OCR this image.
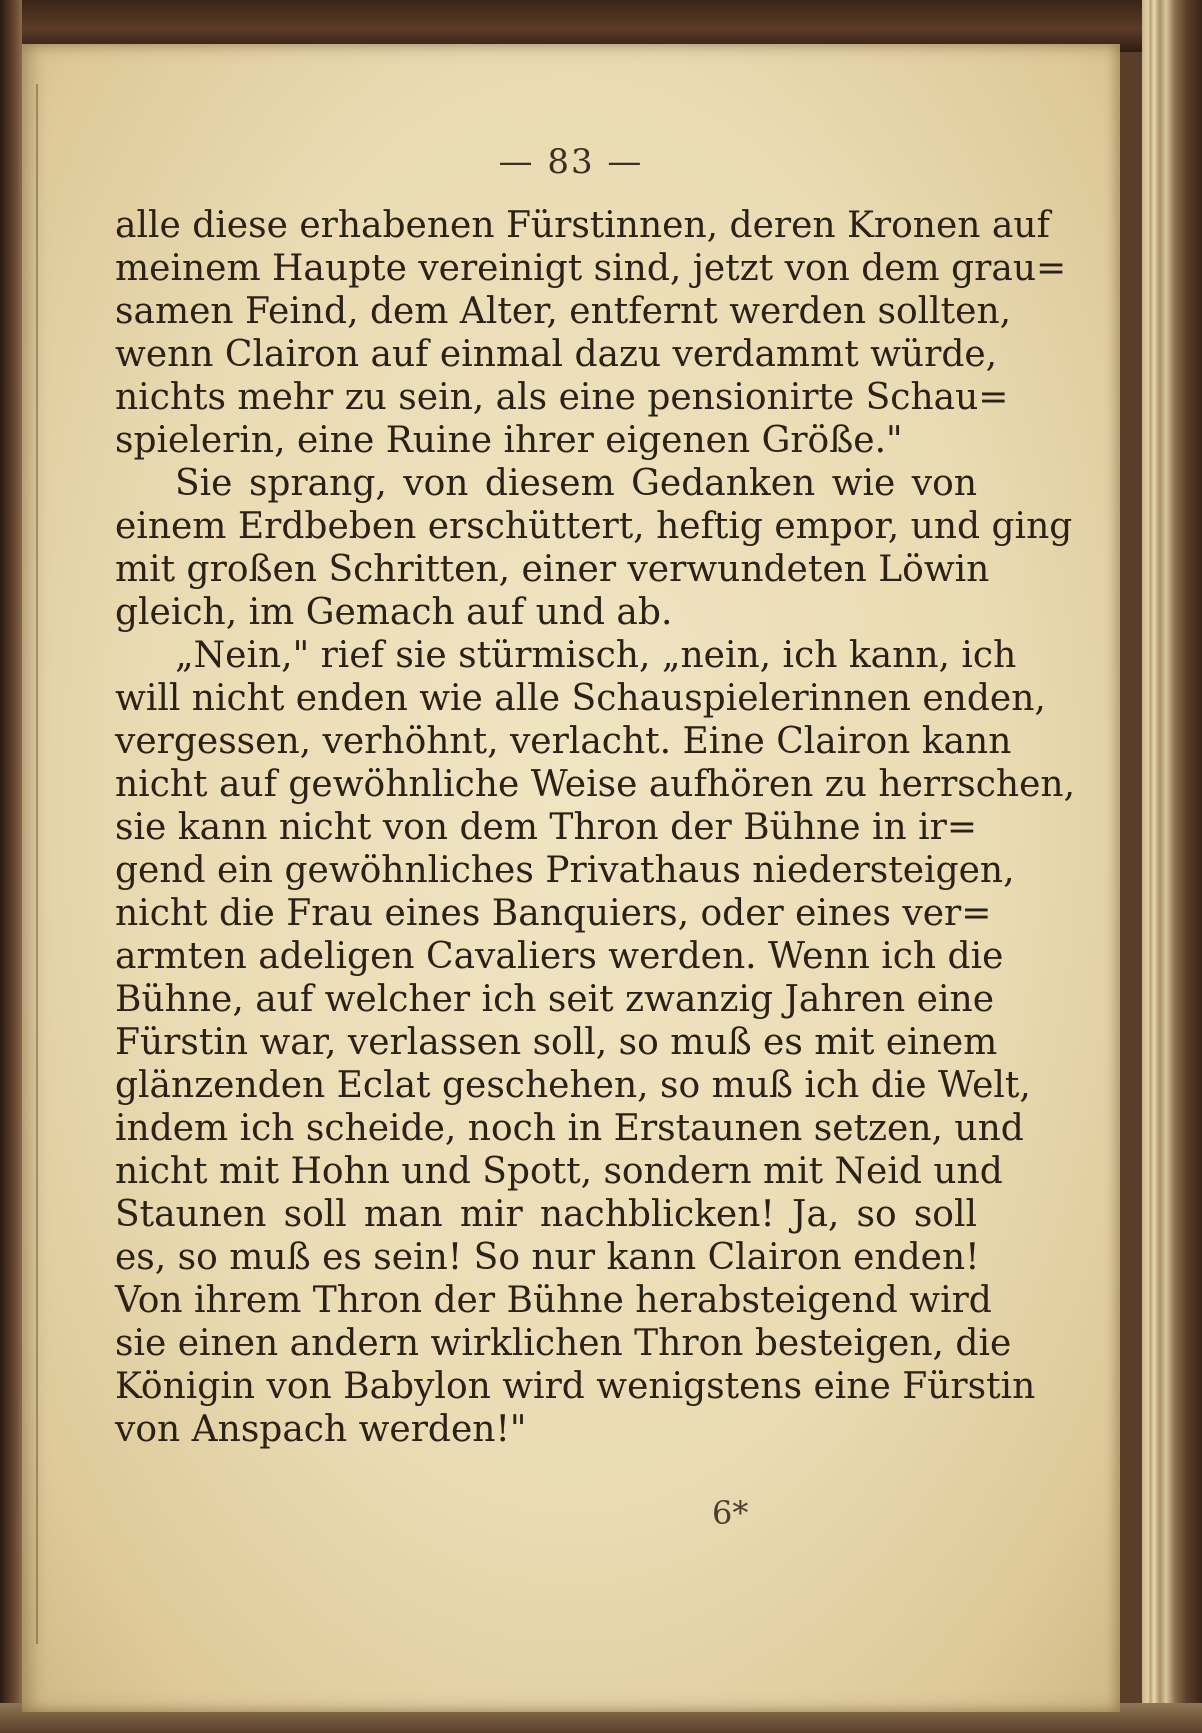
— 83 —
alle diese erhabenen Fürstinnen, deren Kronen auf
meinem Haupte vereinigt sind, jetzt von dem grau=
samen Feind, dem Alter, entfernt werden sollten,
wenn Clairon auf einmal dazu verdammt würde,
nichts mehr zu sein, als eine pensionirte Schau=
spielerin, eine Ruine ihrer eigenen Größe."
Sie sprang, von diesem Gedanken wie von
einem Erdbeben erschüttert, heftig empor, und ging
mit großen Schritten, einer verwundeten Löwin
gleich, im Gemach auf und ab.
„Nein," rief sie stürmisch, „nein, ich kann, ich
will nicht enden wie alle Schauspielerinnen enden,
vergessen, verhöhnt, verlacht. Eine Clairon kann
nicht auf gewöhnliche Weise aufhören zu herrschen,
sie kann nicht von dem Thron der Bühne in ir=
gend ein gewöhnliches Privathaus niedersteigen,
nicht die Frau eines Banquiers, oder eines ver=
armten adeligen Cavaliers werden. Wenn ich die
Bühne, auf welcher ich seit zwanzig Jahren eine
Fürstin war, verlassen soll, so muß es mit einem
glänzenden Eclat geschehen, so muß ich die Welt,
indem ich scheide, noch in Erstaunen setzen, und
nicht mit Hohn und Spott, sondern mit Neid und
Staunen soll man mir nachblicken! Ja, so soll
es, so muß es sein! So nur kann Clairon enden!
Von ihrem Thron der Bühne herabsteigend wird
sie einen andern wirklichen Thron besteigen, die
Königin von Babylon wird wenigstens eine Fürstin
von Anspach werden!"
6*
